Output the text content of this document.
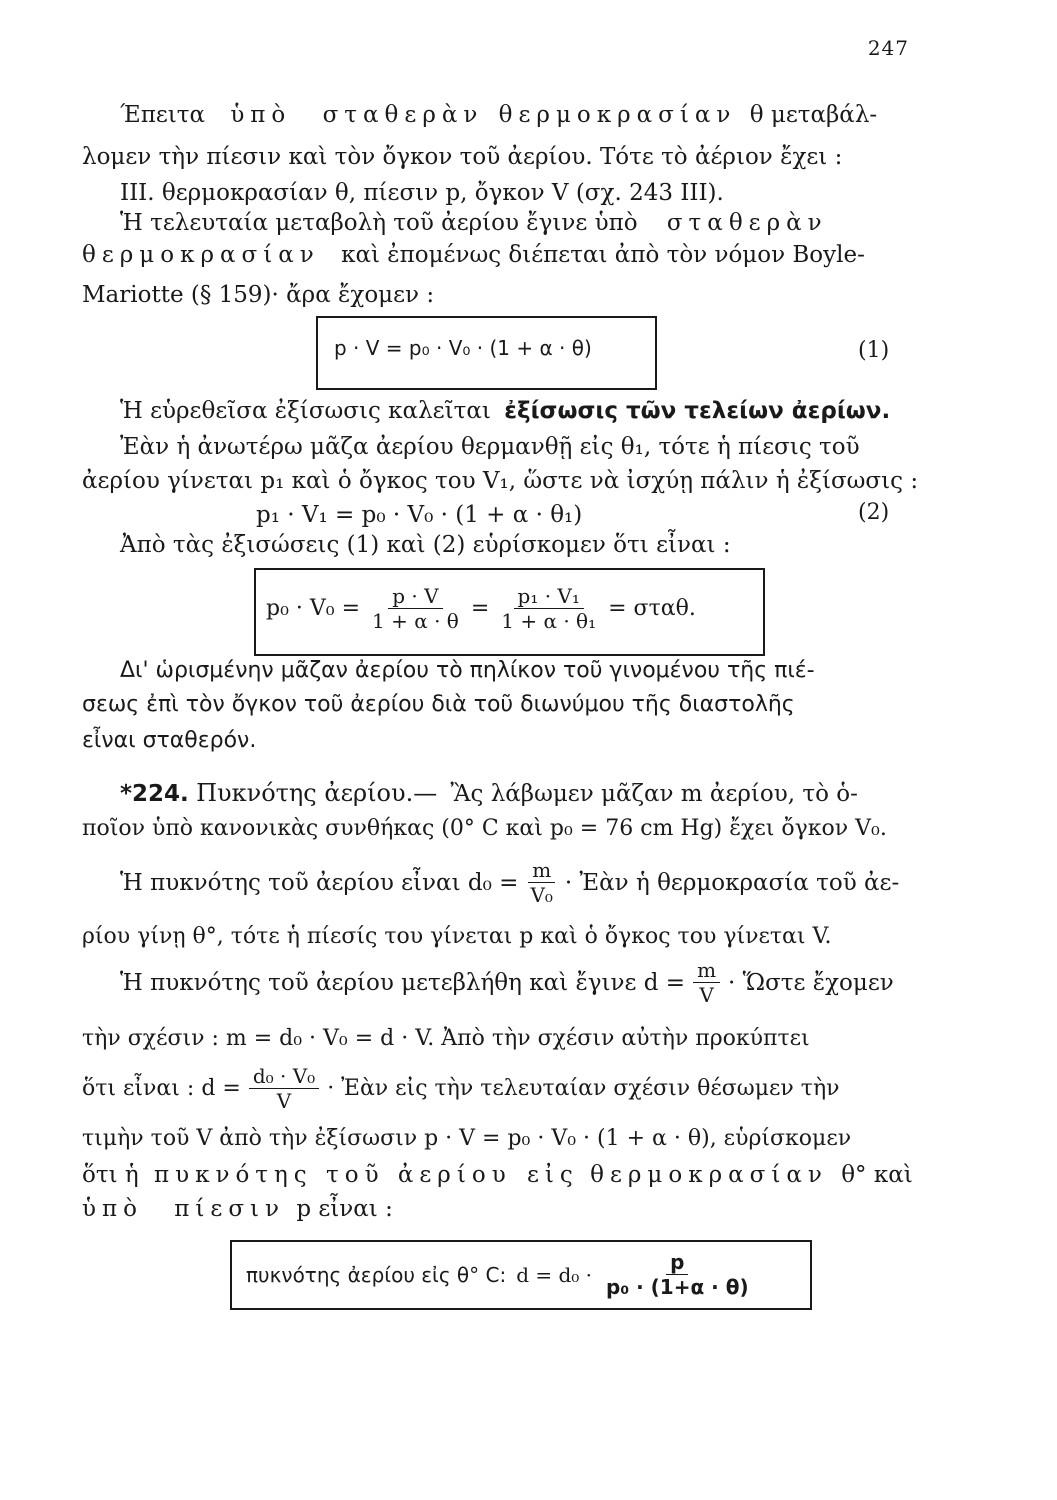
247
Έπειτα ὑπὸ σταθερὰν θερμοκρασίαν θ μεταβάλ-
λομεν τὴν πίεσιν καὶ τὸν ὄγκον τοῦ ἀερίου. Τότε τὸ ἀέριον ἔχει :
III. θερμοκρασίαν θ, πίεσιν p, ὄγκον V (σχ. 243 III).
Ἡ τελευταία μεταβολὴ τοῦ ἀερίου ἔγινε ὑπὸ σταθερὰν
θερμοκρασίαν καὶ ἐπομένως διέπεται ἀπὸ τὸν νόμον Boyle-
Mariotte (§ 159)· ἄρα ἔχομεν :
p · V = p₀ · V₀ · (1 + α · θ)	(1)
Ἡ εὑρεθεῖσα ἐξίσωσις καλεῖται ἐξίσωσις τῶν τελείων ἀερίων.
Ἐὰν ἡ ἀνωτέρω μᾶζα ἀερίου θερμανθῇ εἰς θ₁, τότε ἡ πίεσις τοῦ
ἀερίου γίνεται p₁ καὶ ὁ ὄγκος του V₁, ὥστε νὰ ἰσχύῃ πάλιν ἡ ἐξίσωσις :
p₁ · V₁ = p₀ · V₀ · (1 + α · θ₁)	(2)
Ἀπὸ τὰς ἐξισώσεις (1) καὶ (2) εὑρίσκομεν ὅτι εἶναι :
$p_0 \cdot V_0 = \frac{p \cdot V}{1 + \alpha \cdot \theta} = \frac{\text{p₁ · V₁}}{\text{1 + α · θ₁}} = \sigma\tau\alpha\theta$.
Δι' ὡρισμένην μᾶζαν ἀερίου τὸ πηλίκον τοῦ γινομένου τῆς πιέ-
σεως ἐπὶ τὸν ὄγκον τοῦ ἀερίου διὰ τοῦ διωνύμου τῆς διαστολῆς
εἶναι σταθερόν.
*224. Πυκνότης ἀερίου.— Ἂς λάβωμεν μᾶζαν m ἀερίου, τὸ ὁ-
ποῖον ὑπὸ κανονικὰς συνθήκας (0° C καὶ p₀ = 76 cm Hg) ἔχει ὄγκον V₀.
Ἡ πυκνότης τοῦ ἀερίου εἶναι $d_0 = \frac{m}{\text{V₀}}$ · Ἐὰν ἡ θερμοκρασία τοῦ ἀε-
ρίου γίνῃ θ°, τότε ἡ πίεσίς του γίνεται p καὶ ὁ ὄγκος του γίνεται V.
Ἡ πυκνότης τοῦ ἀερίου μετεβλήθη καὶ ἔγινε $d = \frac{m}{V}$ · Ὥστε ἔχομεν
τὴν σχέσιν : m = d₀ · V₀ = d · V. Ἀπὸ τὴν σχέσιν αὐτὴν προκύπτει
ὅτι εἶναι : $d = \frac{\text{d₀ · V₀}}{V}$ · Ἐὰν εἰς τὴν τελευταίαν σχέσιν θέσωμεν τὴν
τιμὴν τοῦ V ἀπὸ τὴν ἐξίσωσιν p · V = p₀ · V₀ · (1 + α · θ), εὑρίσκομεν
ὅτι ἡ πυκνότης τοῦ ἀερίου εἰς θερμοκρασίαν θ° καὶ
ὑπὸ πίεσιν p εἶναι :
πυκνότης ἀερίου εἰς θ° C: $d = d_0 \cdot \frac{p}{\text{p₀ · (1+α · θ)}}$
